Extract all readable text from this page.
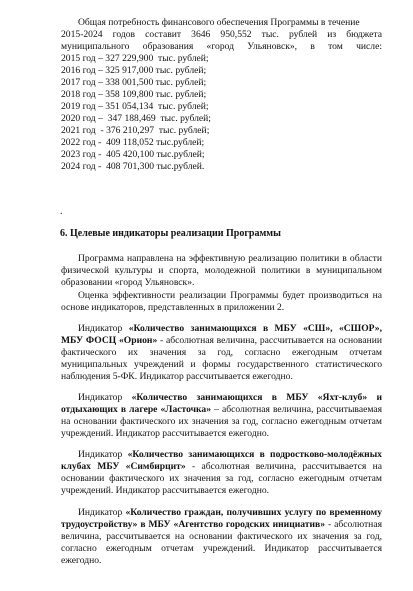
Общая потребность финансового обеспечения Программы в течение
2015-2024 годов составит 3646 950,552 тыс. рублей из бюджета
муниципального образования «город Ульяновск», в том числе:
2015 год – 327 229,900  тыс. рублей;
2016 год – 325 917,000 тыс. рублей;
2017 год – 338 001,500 тыс. рублей;
2018 год – 358 109,800 тыс. рублей;
2019 год – 351 054,134  тыс. рублей;
2020 год –  347 188,469  тыс. рублей;
2021 год  - 376 210,297  тыс. рублей;
2022 год -  409 118,052 тыс.рублей;
2023 год -  405 420,100 тыс.рублей;
2024 год -  408 701,300 тыс.рублей.
.
6. Целевые индикаторы реализации Программы
Программа направлена на эффективную реализацию политики в области
физической культуры и спорта, молодежной политики в муниципальном
образовании «город Ульяновск».
Оценка эффективности реализации Программы будет производиться на
основе индикаторов, представленных в приложении 2.
Индикатор «Количество занимающихся в МБУ «СШ», «СШОР»,
МБУ ФОСЦ «Орион» - абсолютная величина, рассчитывается на основании
фактического их значения за год, согласно ежегодным отчетам
муниципальных учреждений и формы государственного статистического
наблюдения 5-ФК. Индикатор рассчитывается ежегодно.
Индикатор «Количество занимающихся в МБУ «Яхт-клуб» и
отдыхающих в лагере «Ласточка» – абсолютная величина, рассчитываемая
на основании фактического их значения за год, согласно ежегодным отчетам
учреждений. Индикатор рассчитывается ежегодно.
Индикатор «Количество занимающихся в подростково-молодёжных
клубах МБУ «Симбирцит» - абсолютная величина, рассчитывается на
основании фактического их значения за год, согласно ежегодным отчетам
учреждений. Индикатор рассчитывается ежегодно.
Индикатор «Количество граждан, получивших услугу по временному
трудоустройству» в МБУ «Агентство городских инициатив» - абсолютная
величина, рассчитывается на основании фактического их значения за год,
согласно ежегодным отчетам учреждений. Индикатор рассчитывается
ежегодно.
